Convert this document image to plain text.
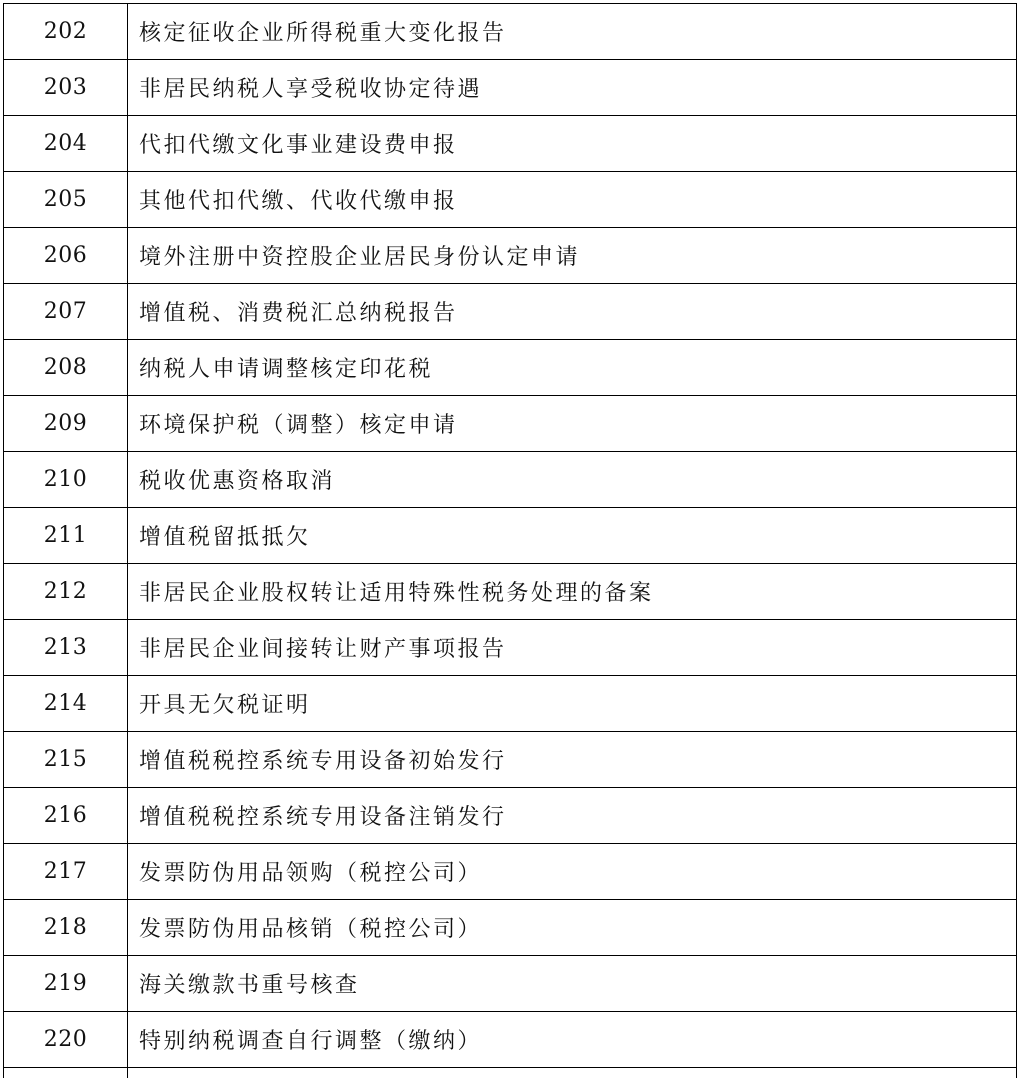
202	核定征收企业所得税重大变化报告
203	非居民纳税人享受税收协定待遇
204	代扣代缴文化事业建设费申报
205	其他代扣代缴、代收代缴申报
206	境外注册中资控股企业居民身份认定申请
207	增值税、消费税汇总纳税报告
208	纳税人申请调整核定印花税
209	环境保护税（调整）核定申请
210	税收优惠资格取消
211	增值税留抵抵欠
212	非居民企业股权转让适用特殊性税务处理的备案
213	非居民企业间接转让财产事项报告
214	开具无欠税证明
215	增值税税控系统专用设备初始发行
216	增值税税控系统专用设备注销发行
217	发票防伪用品领购（税控公司）
218	发票防伪用品核销（税控公司）
219	海关缴款书重号核查
220	特别纳税调查自行调整（缴纳）
